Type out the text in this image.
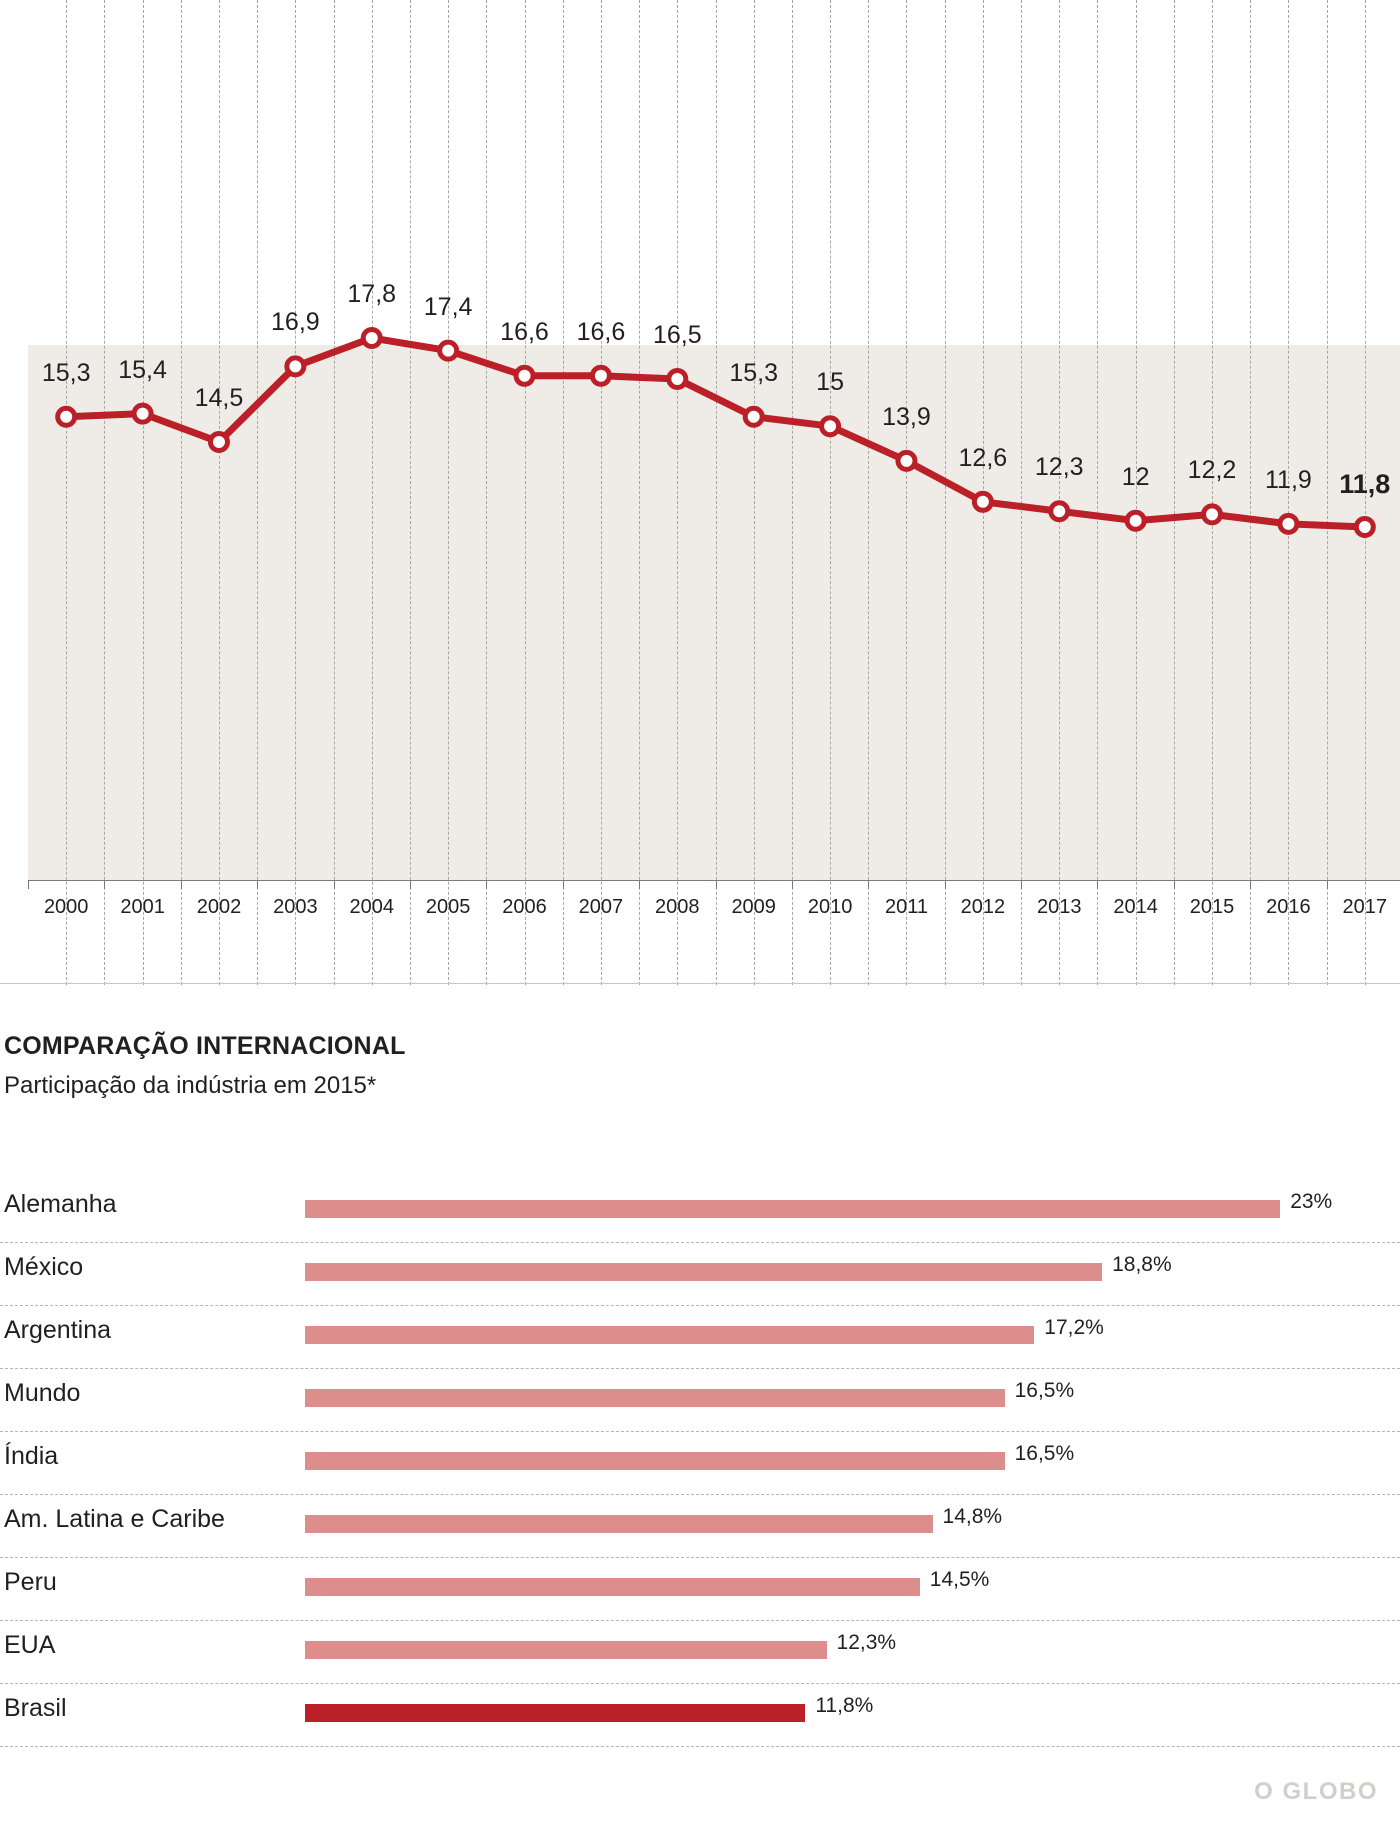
15,3	15,4
14,5
16,9
17,8	17,4
16,6	16,6	16,5
15,3	15
13,9
12,6	12,3	12	12,2	11,9	11,8
2000	2001	2002	2003	2004	2005	2006	2007	2008	2009	2010	2011	2012	2013	2014	2015	2016	2017
COMPARAÇÃO INTERNACIONAL
Participação da indústria em 2015*
Alemanha	23%
México	18,8%
Argentina	17,2%
Mundo	16,5%
Índia	16,5%
Am. Latina e Caribe	14,8%
Peru	14,5%
EUA	12,3%
Brasil	11,8%
O GLOBO
